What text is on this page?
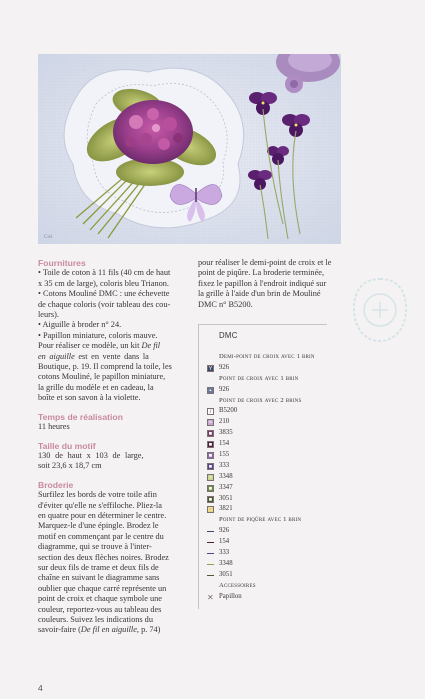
Ciel

Fournitures

• Toile de coton à 11 fils (40 cm de haut

x 35 cm de large), coloris bleu Trianon.

• Cotons Mouliné DMC : une échevette

de chaque coloris (voir tableau des cou-

leurs).

• Aiguille à broder n° 24.

• Papillon miniature, coloris mauve.

Pour réaliser ce modèle, un kit De fil

en aiguille est en vente dans la

Boutique, p. 19. Il comprend la toile, les

cotons Mouliné, le papillon miniature,

la grille du modèle et en cadeau, la

boîte et son savon à la violette.

Temps de réalisation

11 heures

Taille du motif

130 de haut x 103 de large,

soit 23,6 x 18,7 cm

Broderie

Surfilez les bords de votre toile afin

d'éviter qu'elle ne s'effiloche. Pliez-la

en quatre pour en déterminer le centre.

Marquez-le d'une épingle. Brodez le

motif en commençant par le centre du

diagramme, qui se trouve à l'inter-

section des deux flèches noires. Brodez

sur deux fils de trame et deux fils de

chaîne en suivant le diagramme sans

oublier que chaque carré représente un

point de croix et chaque symbole une

couleur, reportez-vous au tableau des

couleurs. Suivez les indications du

savoir-faire (De fil en aiguille, p. 74)

pour réaliser le demi-point de croix et le

point de piqûre. La broderie terminée,

fixez le papillon à l'endroit indiqué sur

la grille à l'aide d'un brin de Mouliné

DMC n° B5200.

DMC
Demi-point de croix avec 1 brin
Y 926
Point de croix avec 1 brin
▪	926
Point de croix avec 2 brins
/	B5200
= 210
■ 3835
■ 154
■ 155
■ 333
× 3348
■ 3347
■ 3051
□ 3821
Point de piqûre avec 1 brin
926
154
333
3348
3051
Accessoires
✕ Papillon
4
